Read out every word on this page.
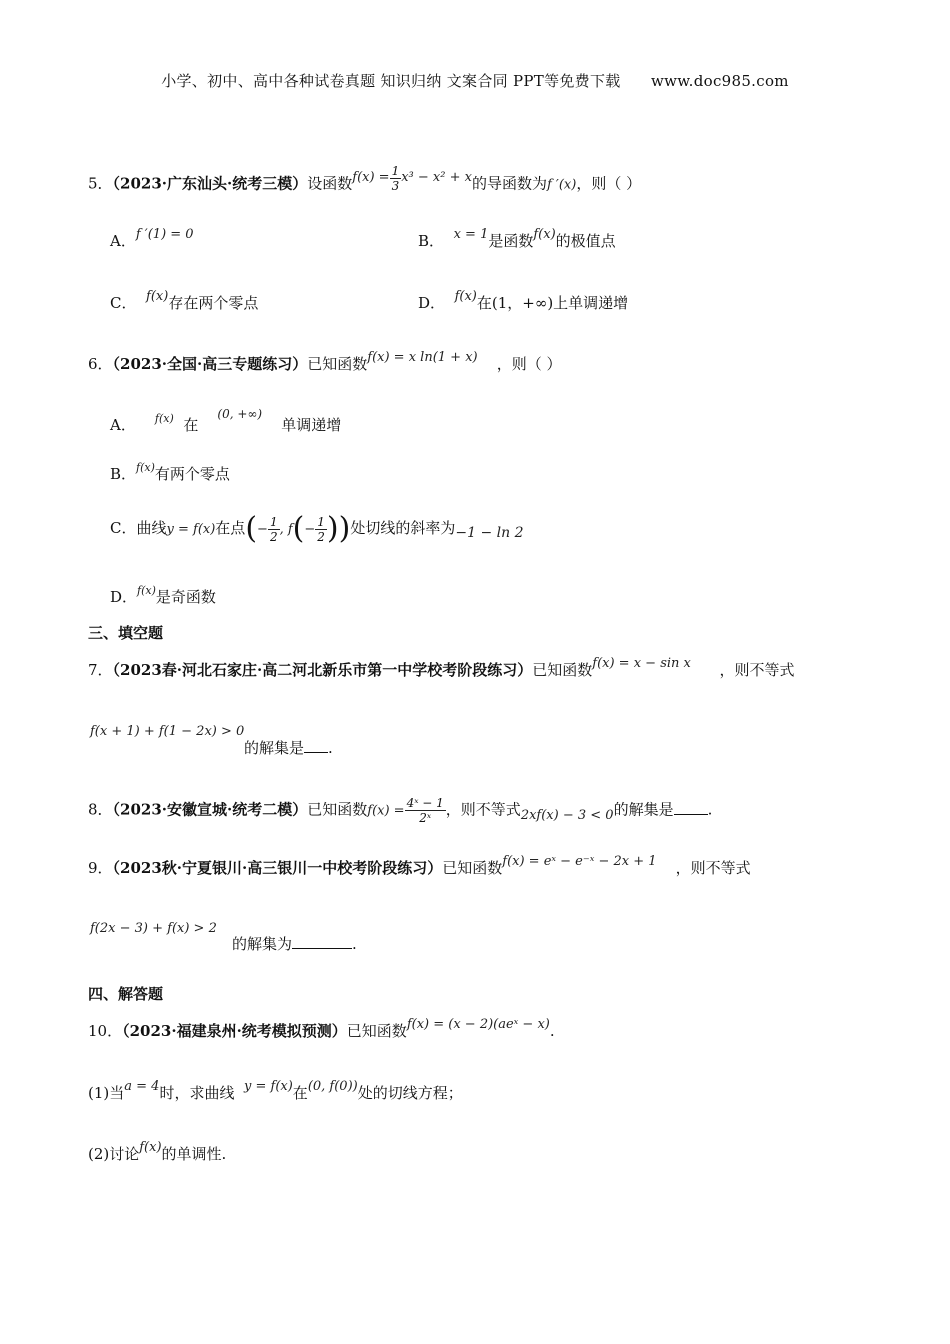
小学、初中、高中各种试卷真题 知识归纳 文案合同 PPT等免费下载 www.doc985.com
5．（2023·广东汕头·统考三模）设函数$f(x) = \frac{1}{3} x^3 - x^2 + x$的导函数为f ′(x)，则（ ）
A．f ′(1) = 0	B． x = 1是函数f(x)的极值点
C． f(x)存在两个零点	D． f(x)在(1，+∞)上单调递增
6．（2023·全国·高三专题练习）已知函数f(x) = x ln(1 + x) ，则（ ）
A． $^{f(x)}$ 在    $^{(0, +\infty)}$    单调递增
B．$^{f(x)}$有两个零点
C．曲线y = f(x)在点(− $\frac{1}{2}$ , $f(- \frac{1}{2}$ ))处切线的斜率为−1 − ln 2
D．$^{f(x)}$是奇函数
三、填空题
7．（2023春·河北石家庄·高二河北新乐市第一中学校考阶段练习）已知函数f(x) = x − sin x ，则不等式
f(x + 1) + f(1 − 2x) > 0
的解集是 .
8．（2023·安徽宣城·统考二模）已知函数$f(x) = \frac{\text{4ˣ − 1}}{\text{2ˣ}}$ ，则不等式2xf(x) − 3 < 0的解集是 .
9．（2023秋·宁夏银川·高三银川一中校考阶段练习）已知函数f(x) = eˣ − e⁻ˣ − 2x + 1 ，则不等式
f(2x − 3) + f(x) > 2
的解集为	.
四、解答题
10．（2023·福建泉州·统考模拟预测）已知函数f(x) = (x − 2)(aeˣ − x).
(1)当a = 4时，求曲线 y = f(x)在(0, f(0))处的切线方程；
(2)讨论f(x)的单调性.
